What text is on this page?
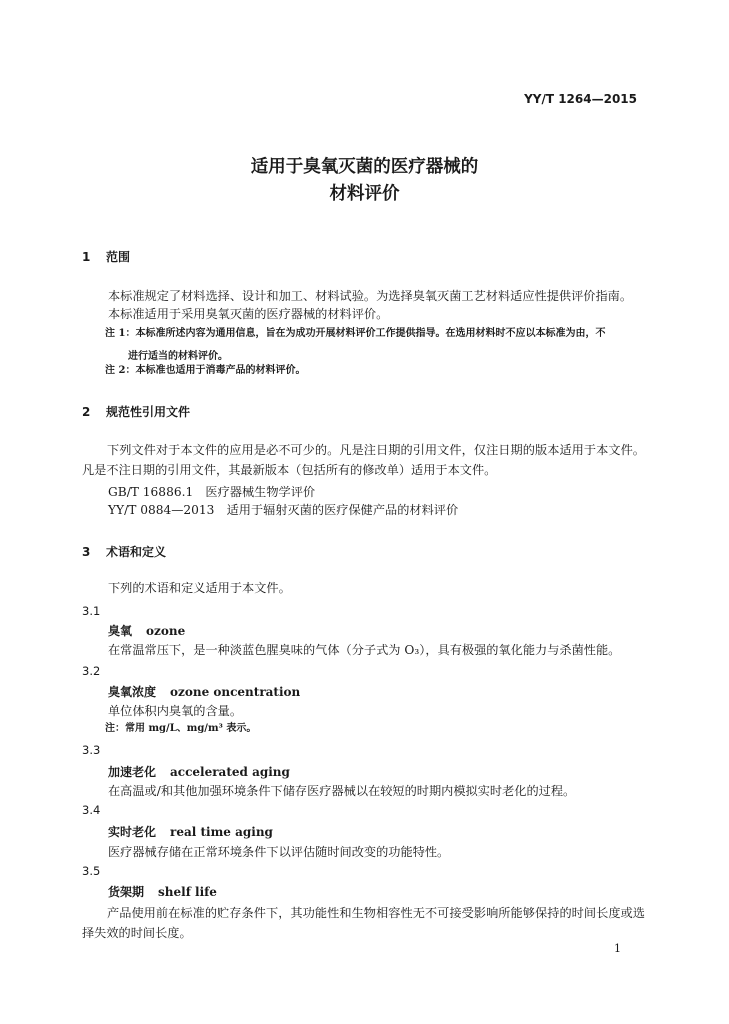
YY/T 1264—2015
适用于臭氧灭菌的医疗器械的
材料评价
1 范围
本标准规定了材料选择、设计和加工、材料试验。为选择臭氧灭菌工艺材料适应性提供评价指南。
本标准适用于采用臭氧灭菌的医疗器械的材料评价。
注 1：本标准所述内容为通用信息，旨在为成功开展材料评价工作提供指导。在选用材料时不应以本标准为由，不
进行适当的材料评价。
注 2：本标准也适用于消毒产品的材料评价。
2 规范性引用文件
下列文件对于本文件的应用是必不可少的。凡是注日期的引用文件，仅注日期的版本适用于本文件。凡是不注日期的引用文件，其最新版本（包括所有的修改单）适用于本文件。
GB/T 16886.1　医疗器械生物学评价
YY/T 0884—2013　适用于辐射灭菌的医疗保健产品的材料评价
3 术语和定义
下列的术语和定义适用于本文件。
3.1
臭氧 ozone
在常温常压下，是一种淡蓝色腥臭味的气体（分子式为 O₃），具有极强的氧化能力与杀菌性能。
3.2
臭氧浓度 ozone oncentration
单位体积内臭氧的含量。
注：常用 mg/L、mg/m³ 表示。
3.3
加速老化 accelerated aging
在高温或/和其他加强环境条件下储存医疗器械以在较短的时期内模拟实时老化的过程。
3.4
实时老化 real time aging
医疗器械存储在正常环境条件下以评估随时间改变的功能特性。
3.5
货架期 shelf life
产品使用前在标准的贮存条件下，其功能性和生物相容性无不可接受影响所能够保持的时间长度或选择失效的时间长度。
1
